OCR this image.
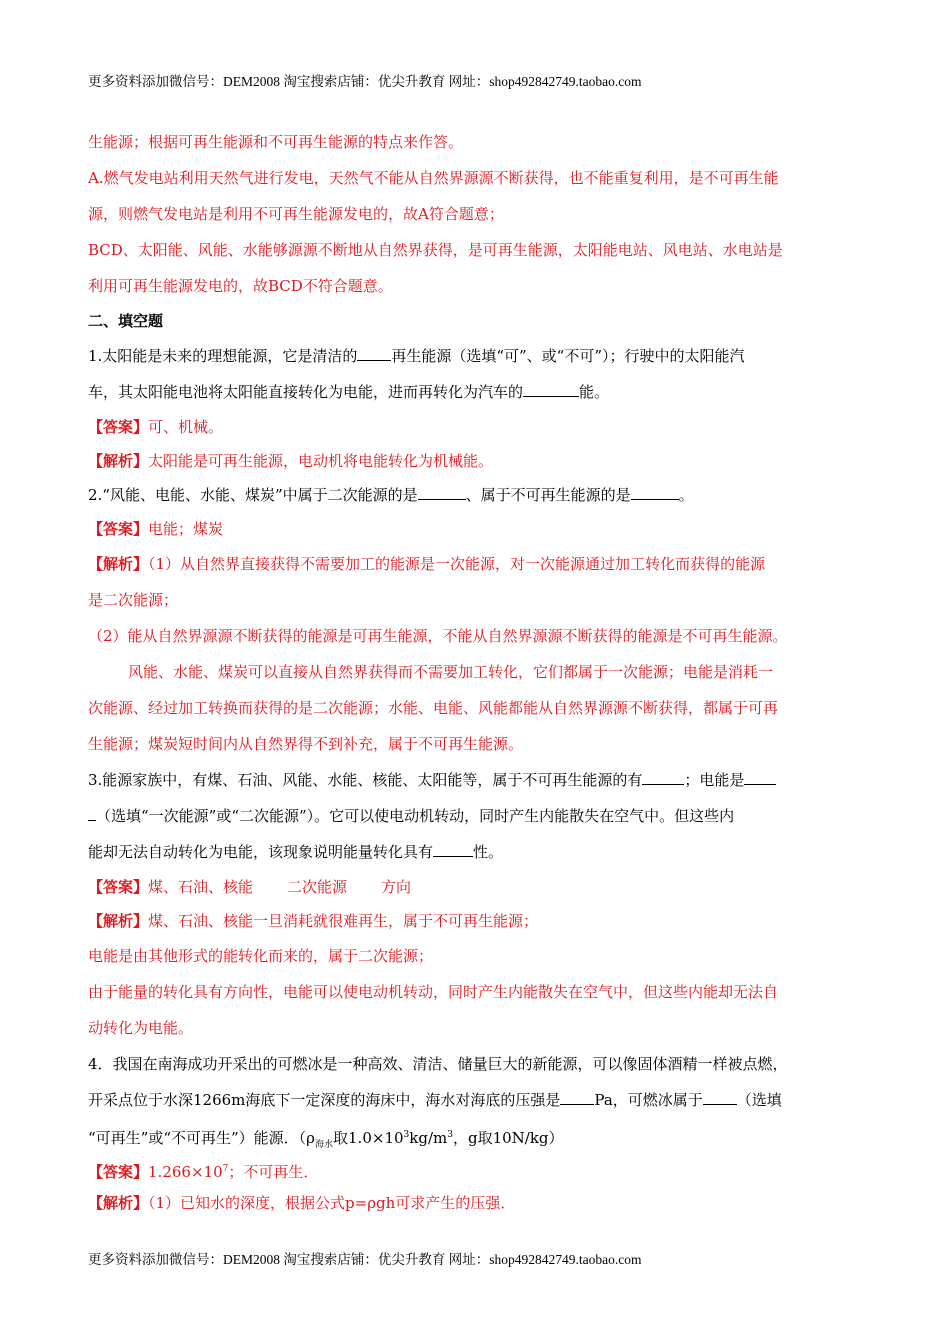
更多资料添加微信号：DEM2008 淘宝搜索店铺：优尖升教育 网址：shop492842749.taobao.com
生能源；根据可再生能源和不可再生能源的特点来作答。
A.燃气发电站利用天然气进行发电，天然气不能从自然界源源不断获得，也不能重复利用，是不可再生能
源，则燃气发电站是利用不可再生能源发电的，故A符合题意；
BCD、太阳能、风能、水能够源源不断地从自然界获得，是可再生能源，太阳能电站、风电站、水电站是
利用可再生能源发电的，故BCD不符合题意。
二、填空题
1.太阳能是未来的理想能源，它是清洁的 再生能源（选填“可”、或“不可”）；行驶中的太阳能汽
车，其太阳能电池将太阳能直接转化为电能，进而再转化为汽车的	能。
【答案】可、机械。
【解析】太阳能是可再生能源，电动机将电能转化为机械能。
2.“风能、电能、水能、煤炭”中属于二次能源的是	、属于不可再生能源的是	。
【答案】电能；煤炭
【解析】（1）从自然界直接获得不需要加工的能源是一次能源，对一次能源通过加工转化而获得的能源
是二次能源；
（2）能从自然界源源不断获得的能源是可再生能源，不能从自然界源源不断获得的能源是不可再生能源。
风能、水能、煤炭可以直接从自然界获得而不需要加工转化，它们都属于一次能源；电能是消耗一
次能源、经过加工转换而获得的是二次能源；水能、电能、风能都能从自然界源源不断获得，都属于可再
生能源；煤炭短时间内从自然界得不到补充，属于不可再生能源。
3.能源家族中，有煤、石油、风能、水能、核能、太阳能等，属于不可再生能源的有	；电能是
（选填“一次能源”或“二次能源”）。它可以使电动机转动，同时产生内能散失在空气中。但这些内
能却无法自动转化为电能，该现象说明能量转化具有	性。
【答案】煤、石油、核能 二次能源 方向
【解析】煤、石油、核能一旦消耗就很难再生，属于不可再生能源；
电能是由其他形式的能转化而来的，属于二次能源；
由于能量的转化具有方向性，电能可以使电动机转动，同时产生内能散失在空气中，但这些内能却无法自
动转化为电能。
4．我国在南海成功开采出的可燃冰是一种高效、清洁、储量巨大的新能源，可以像固体酒精一样被点燃，
开采点位于水深1266m海底下一定深度的海床中，海水对海底的压强是 Pa，可燃冰属于 （选填
“可再生”或“不可再生”）能源．（$\rho_{海水}$取$1.0\times 10^3kg/m^3$，g取10N/kg）
【答案】$1.266\times 10^7$；不可再生．
【解析】（1）已知水的深度，根据公式p=ρgh可求产生的压强．
更多资料添加微信号：DEM2008 淘宝搜索店铺：优尖升教育 网址：shop492842749.taobao.com
